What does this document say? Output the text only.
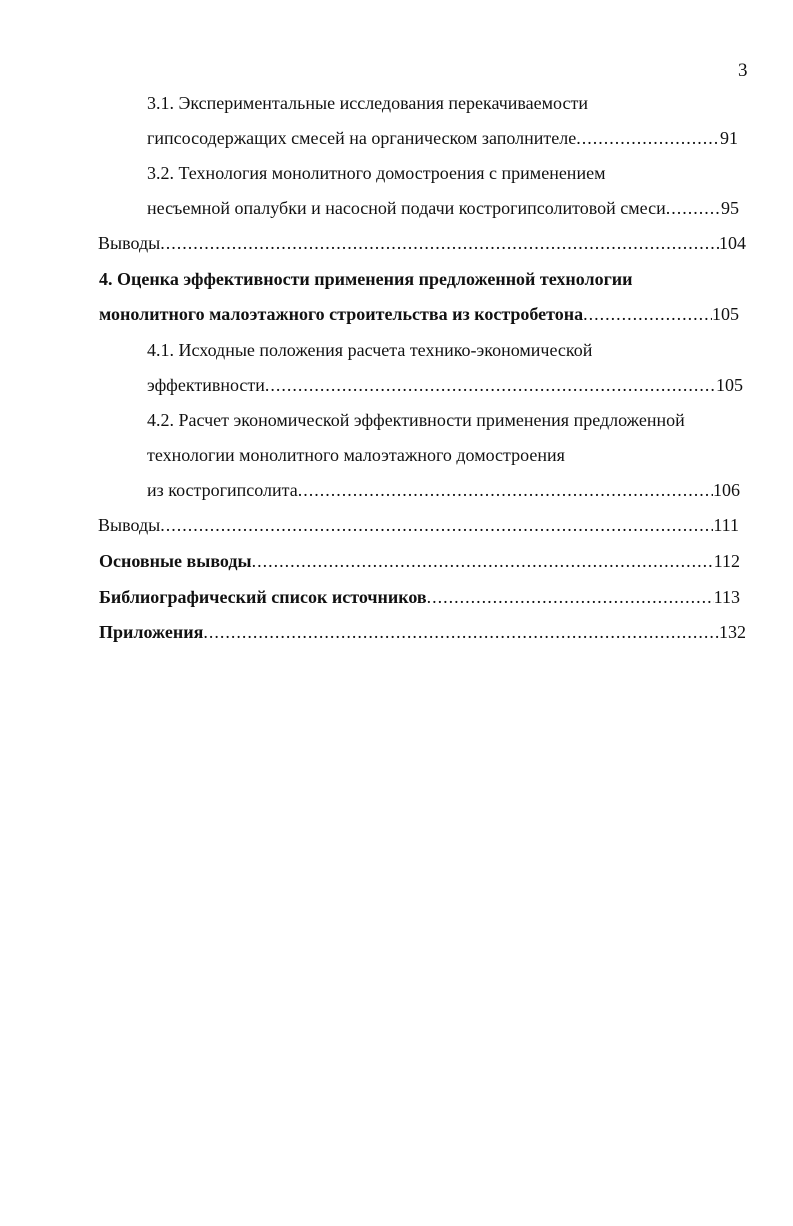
3
3.1. Экспериментальные исследования перекачиваемости
гипсосодержащих смесей на органическом заполнителе .....	91
3.2. Технология монолитного домостроения с применением
несъемной опалубки и насосной подачи кострогипсолитовой смеси .....	95
Выводы .....	104
4. Оценка эффективности применения предложенной технологии
монолитного малоэтажного строительства из костробетона .....	105
4.1. Исходные положения расчета технико-экономической
эффективности .....	105
4.2. Расчет экономической эффективности применения предложенной
технологии монолитного малоэтажного домостроения
из кострогипсолита .....	106
Выводы .....	111
Основные выводы .....	112
Библиографический список источников .....	113
Приложения .....	132
